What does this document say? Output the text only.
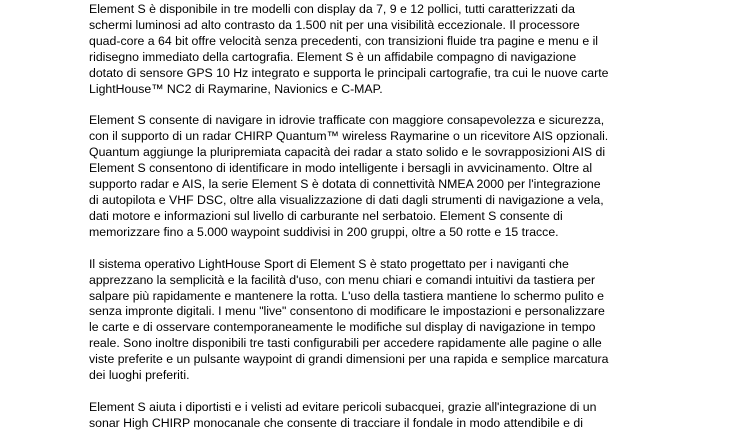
Element S è disponibile in tre modelli con display da 7, 9 e 12 pollici, tutti caratterizzati da
schermi luminosi ad alto contrasto da 1.500 nit per una visibilità eccezionale. Il processore
quad-core a 64 bit offre velocità senza precedenti, con transizioni fluide tra pagine e menu e il
ridisegno immediato della cartografia. Element S è un affidabile compagno di navigazione
dotato di sensore GPS 10 Hz integrato e supporta le principali cartografie, tra cui le nuove carte
LightHouse™ NC2 di Raymarine, Navionics e C-MAP.

Element S consente di navigare in idrovie trafficate con maggiore consapevolezza e sicurezza,
con il supporto di un radar CHIRP Quantum™ wireless Raymarine o un ricevitore AIS opzionali.
Quantum aggiunge la pluripremiata capacità dei radar a stato solido e le sovrapposizioni AIS di
Element S consentono di identificare in modo intelligente i bersagli in avvicinamento. Oltre al
supporto radar e AIS, la serie Element S è dotata di connettività NMEA 2000 per l'integrazione
di autopilota e VHF DSC, oltre alla visualizzazione di dati dagli strumenti di navigazione a vela,
dati motore e informazioni sul livello di carburante nel serbatoio. Element S consente di
memorizzare fino a 5.000 waypoint suddivisi in 200 gruppi, oltre a 50 rotte e 15 tracce.

Il sistema operativo LightHouse Sport di Element S è stato progettato per i naviganti che
apprezzano la semplicità e la facilità d'uso, con menu chiari e comandi intuitivi da tastiera per
salpare più rapidamente e mantenere la rotta. L'uso della tastiera mantiene lo schermo pulito e
senza impronte digitali. I menu "live" consentono di modificare le impostazioni e personalizzare
le carte e di osservare contemporaneamente le modifiche sul display di navigazione in tempo
reale. Sono inoltre disponibili tre tasti configurabili per accedere rapidamente alle pagine o alle
viste preferite e un pulsante waypoint di grandi dimensioni per una rapida e semplice marcatura
dei luoghi preferiti.

Element S aiuta i diportisti e i velisti ad evitare pericoli subacquei, grazie all'integrazione di un
sonar High CHIRP monocanale che consente di tracciare il fondale in modo attendibile e di
